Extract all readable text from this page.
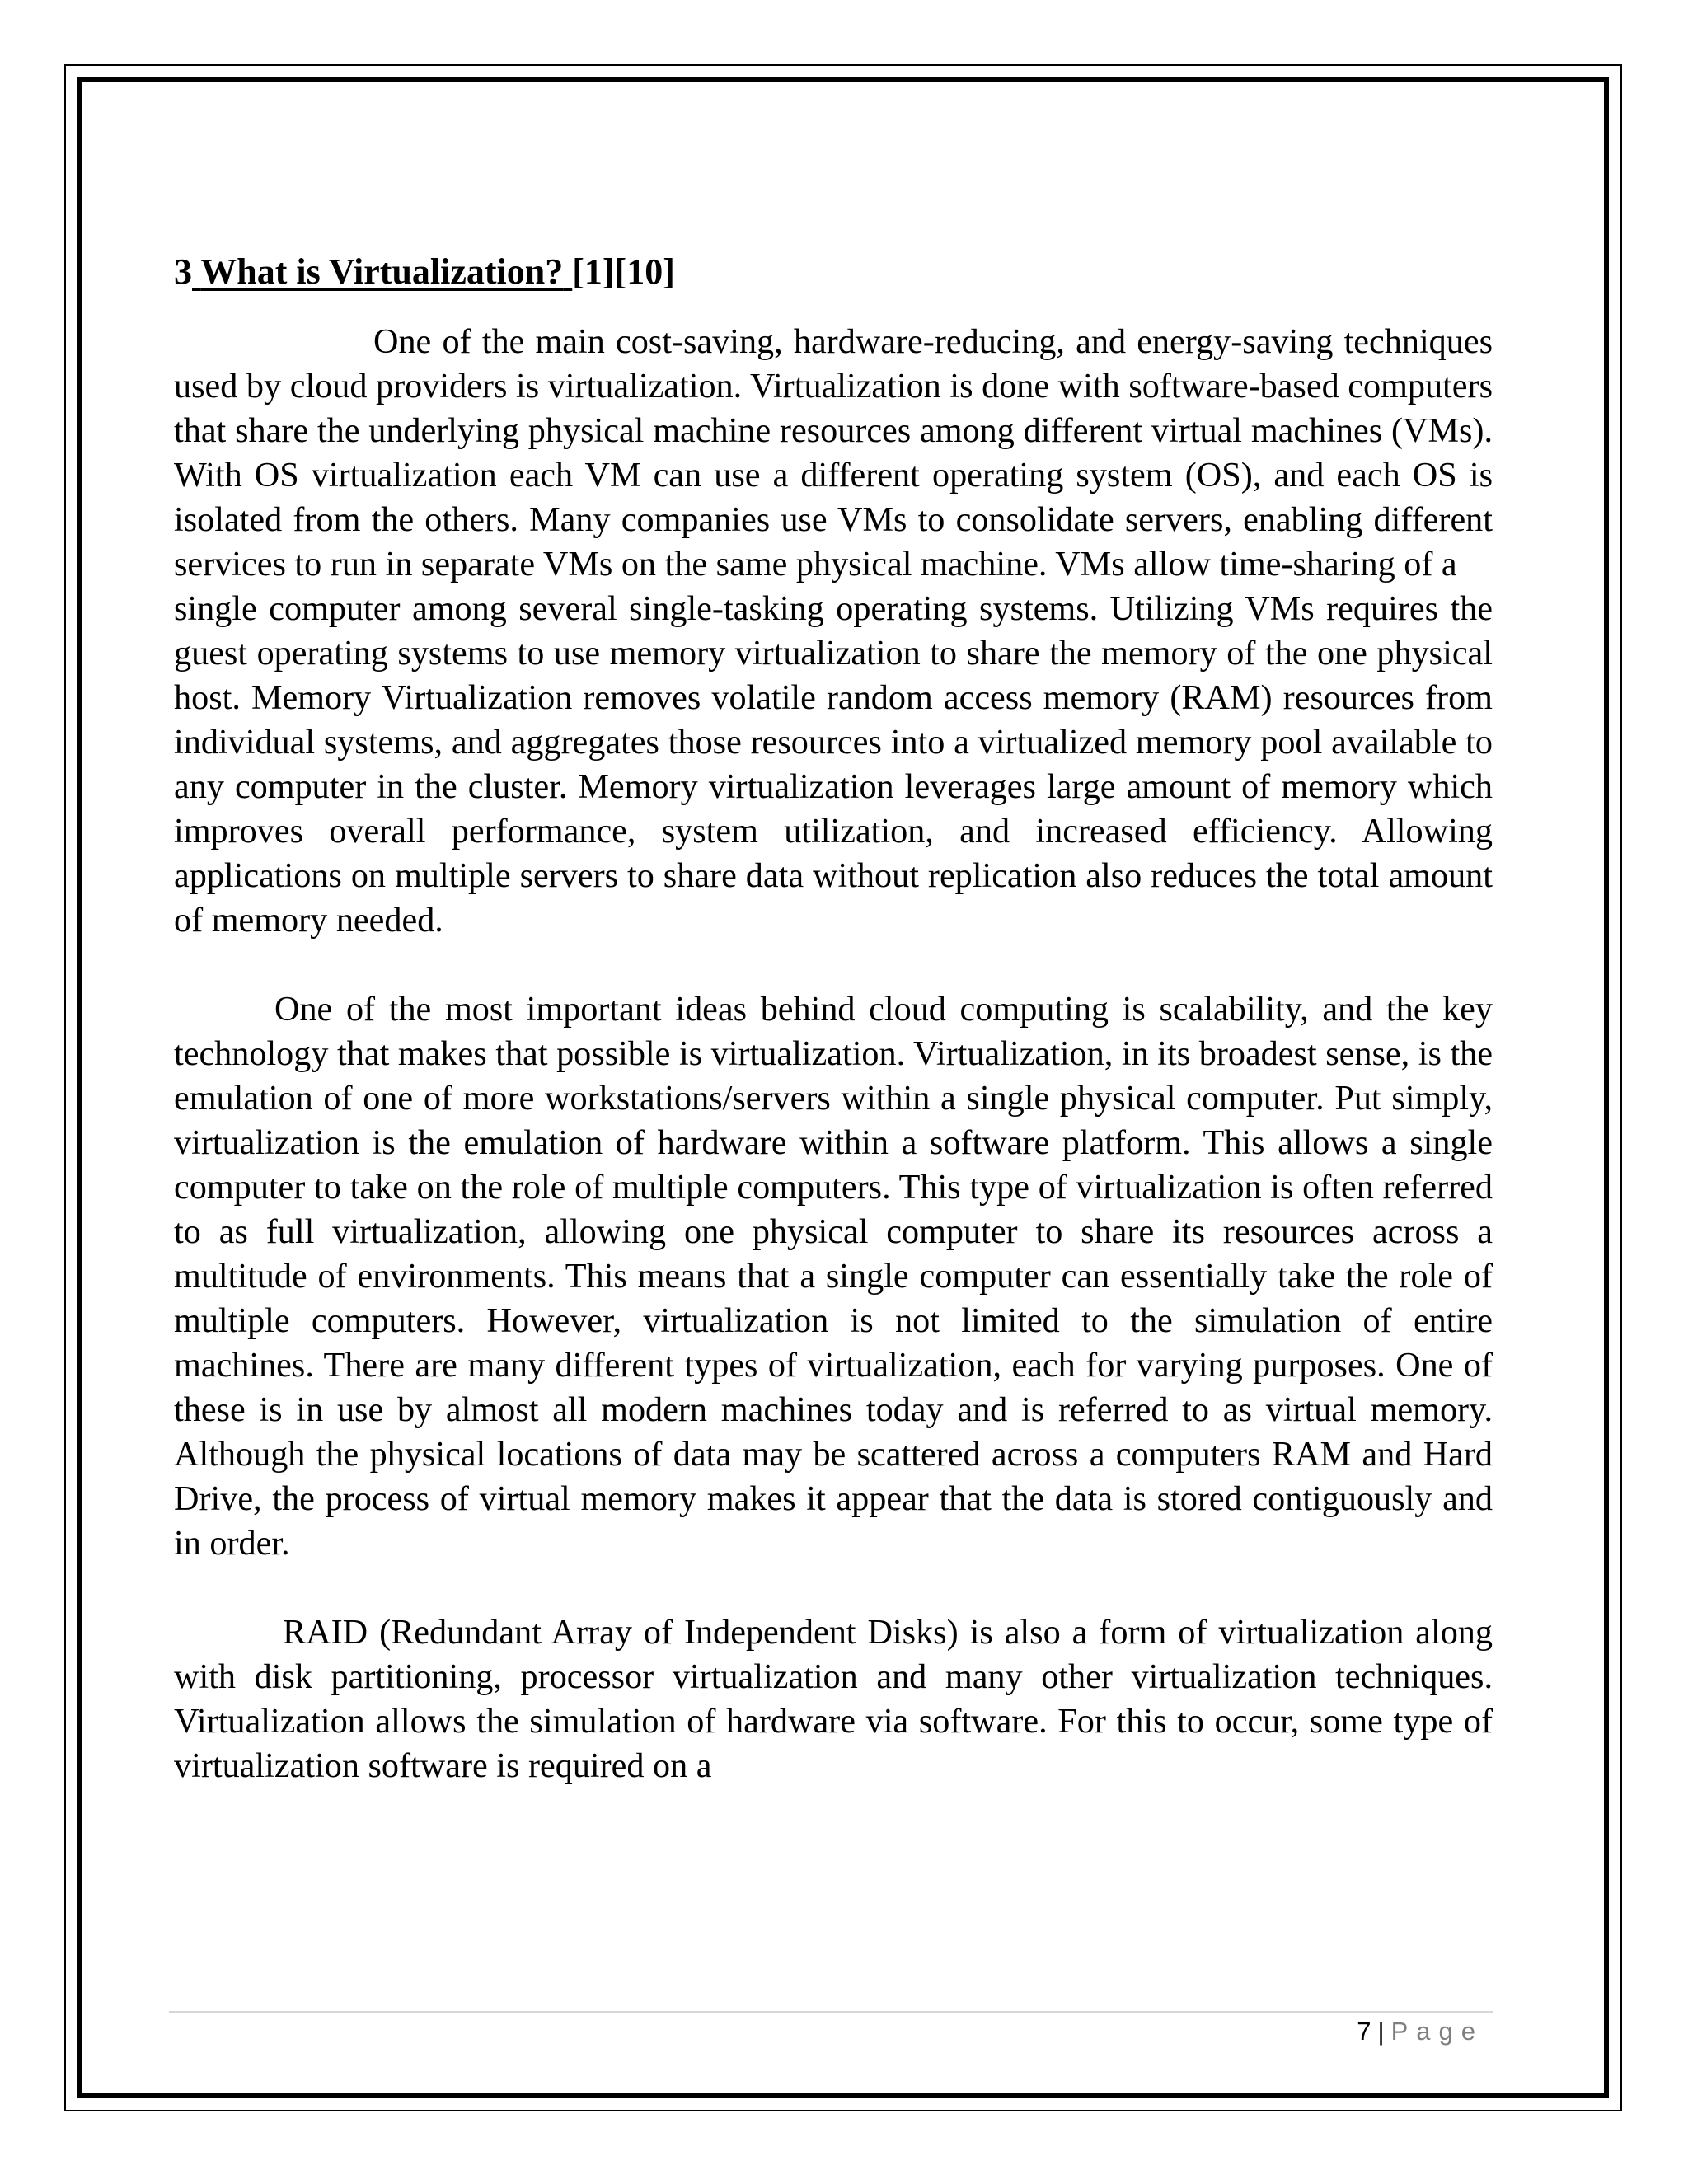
3 What is Virtualization? [1][10]

One of the main cost-saving, hardware-reducing, and energy-saving techniques used by cloud providers is virtualization. Virtualization is done with software-based computers that share the underlying physical machine resources among different virtual machines (VMs). With OS virtualization each VM can use a different operating system (OS), and each OS is isolated from the others. Many companies use VMs to consolidate servers, enabling different services to run in separate VMs on the same physical machine. VMs allow time-sharing of a

single computer among several single-tasking operating systems. Utilizing VMs requires the guest operating systems to use memory virtualization to share the memory of the one physical host. Memory Virtualization removes volatile random access memory (RAM) resources from individual systems, and aggregates those resources into a virtualized memory pool available to any computer in the cluster. Memory virtualization leverages large amount of memory which improves overall performance, system utilization, and increased efficiency. Allowing applications on multiple servers to share data without replication also reduces the total amount of memory needed.

One of the most important ideas behind cloud computing is scalability, and the key technology that makes that possible is virtualization. Virtualization, in its broadest sense, is the emulation of one of more workstations/servers within a single physical computer. Put simply, virtualization is the emulation of hardware within a software platform. This allows a single computer to take on the role of multiple computers. This type of virtualization is often referred to as full virtualization, allowing one physical computer to share its resources across a multitude of environments. This means that a single computer can essentially take the role of multiple computers. However, virtualization is not limited to the simulation of entire machines. There are many different types of virtualization, each for varying purposes. One of these is in use by almost all modern machines today and is referred to as virtual memory. Although the physical locations of data may be scattered across a computers RAM and Hard Drive, the process of virtual memory makes it appear that the data is stored contiguously and in order.

RAID (Redundant Array of Independent Disks) is also a form of virtualization along with disk partitioning, processor virtualization and many other virtualization techniques. Virtualization allows the simulation of hardware via software. For this to occur, some type of virtualization software is required on a

7 | Page
